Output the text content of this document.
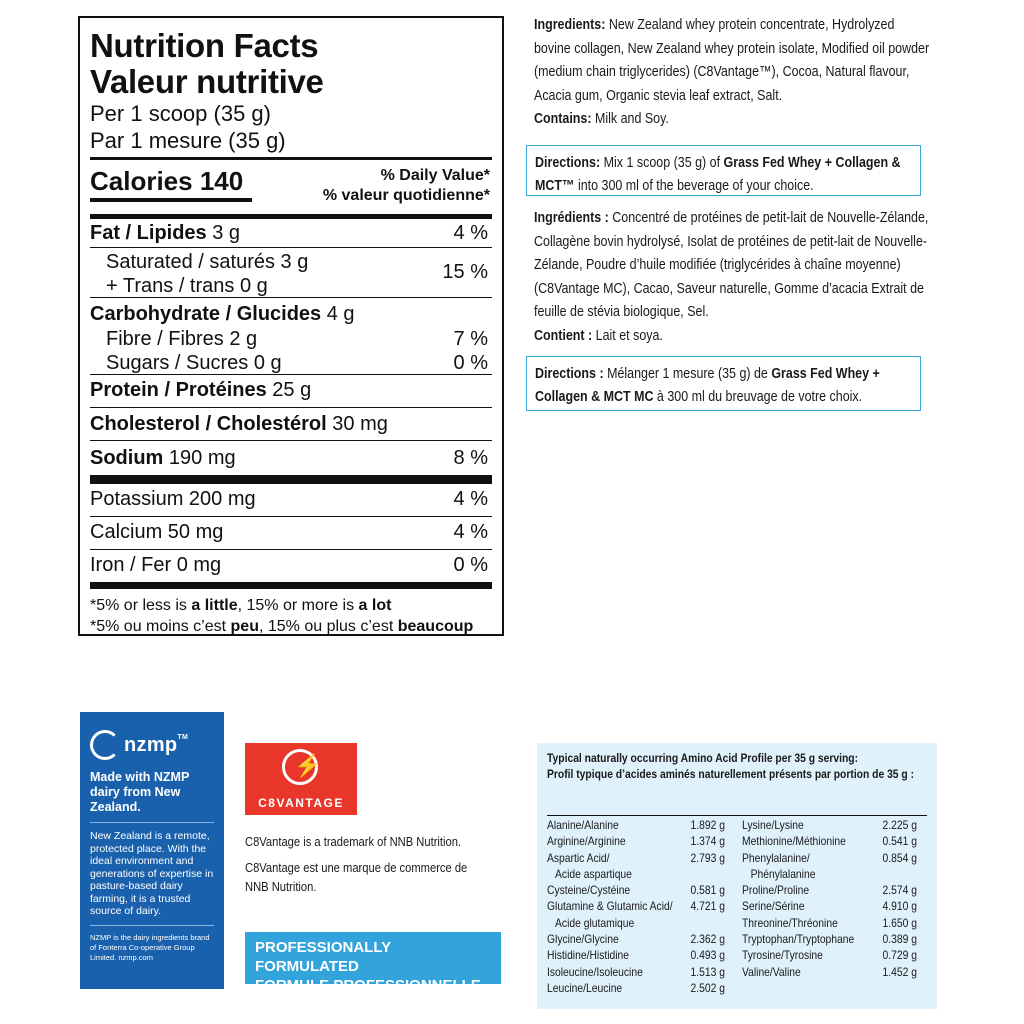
Nutrition Facts
Valeur nutritive
Per 1 scoop (35 g)
Par 1 mesure (35 g)
Calories 140	% Daily Value*
% valeur quotidienne*
Fat / Lipides 3 g	4 %
Saturated / saturés 3 g
+ Trans / trans 0 g
15 %
Carbohydrate / Glucides 4 g
Fibre / Fibres 2 g	7 %
Sugars / Sucres 0 g	0 %
Protein / Protéines 25 g
Cholesterol / Cholestérol 30 mg
Sodium 190 mg	8 %
Potassium 200 mg	4 %
Calcium 50 mg	4 %
Iron / Fer 0 mg	0 %
*5% or less is a little, 15% or more is a lot
*5% ou moins c’est peu, 15% ou plus c’est beaucoup
Ingredients: New Zealand whey protein concentrate, Hydrolyzed bovine collagen, New Zealand whey protein isolate, Modified oil powder (medium chain triglycerides) (C8Vantage™), Cocoa, Natural flavour, Acacia gum, Organic stevia leaf extract, Salt.
Contains: Milk and Soy.
Directions: Mix 1 scoop (35 g) of Grass Fed Whey + Collagen & MCT™ into 300 ml of the beverage of your choice.
Ingrédients : Concentré de protéines de petit-lait de Nouvelle-Zélande, Collagène bovin hydrolysé, Isolat de protéines de petit-lait de Nouvelle-Zélande, Poudre d’huile modifiée (triglycérides à chaîne moyenne) (C8Vantage MC), Cacao, Saveur naturelle, Gomme d’acacia Extrait de feuille de stévia biologique, Sel.
Contient : Lait et soya.
Directions : Mélanger 1 mesure (35 g) de Grass Fed Whey + Collagen & MCT MC à 300 ml du breuvage de votre choix.
nzmp™
Made with NZMP dairy from New Zealand.
New Zealand is a remote, protected place. With the ideal environment and generations of expertise in pasture-based dairy farming, it is a trusted source of dairy.
NZMP is the dairy ingredients brand of Fonterra Co-operative Group Limited. nzmp.com
⚡
C8VANTAGE
C8Vantage is a trademark of NNB Nutrition.
C8Vantage est une marque de commerce de NNB Nutrition.
PROFESSIONALLY FORMULATED
FORMULE PROFESSIONNELLE
Typical naturally occurring Amino Acid Profile per 35 g serving:
Profil typique d’acides aminés naturellement présents par portion de 35 g :
Alanine/Alanine	1.892 g
Arginine/Arginine	1.374 g
Aspartic Acid/	2.793 g
Acide aspartique
Cysteine/Cystéine	0.581 g
Glutamine & Glutamic Acid/ 4.721 g
Acide glutamique
Glycine/Glycine	2.362 g
Histidine/Histidine	0.493 g
Isoleucine/Isoleucine	1.513 g
Leucine/Leucine	2.502 g
Lysine/Lysine	2.225 g
Methionine/Méthionine	0.541 g
Phenylalanine/	0.854 g
Phénylalanine
Proline/Proline	2.574 g
Serine/Sérine	4.910 g
Threonine/Thréonine	1.650 g
Tryptophan/Tryptophane 0.389 g
Tyrosine/Tyrosine	0.729 g
Valine/Valine	1.452 g
